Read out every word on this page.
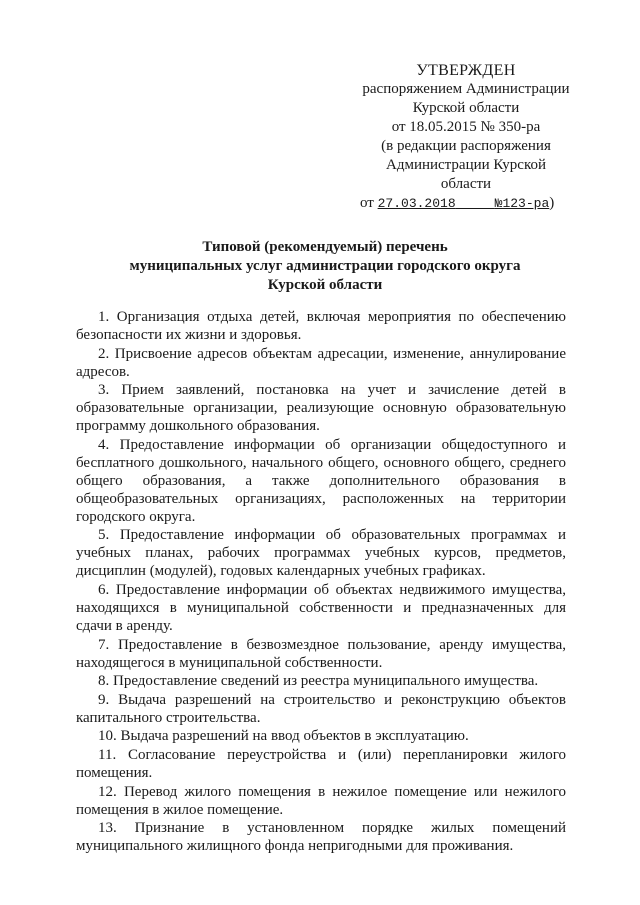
УТВЕРЖДЕН
распоряжением Администрации
Курской области
от 18.05.2015 № 350-ра
(в редакции распоряжения
Администрации Курской
области
от 27.03.2018	№123-ра)
Типовой (рекомендуемый) перечень
муниципальных услуг администрации городского округа
Курской области
1. Организация отдыха детей, включая мероприятия по обеспечению безопасности их жизни и здоровья.
2. Присвоение адресов объектам адресации, изменение, аннулирование адресов.
3. Прием заявлений, постановка на учет и зачисление детей в образовательные организации, реализующие основную образовательную программу дошкольного образования.
4. Предоставление информации об организации общедоступного и бесплатного дошкольного, начального общего, основного общего, среднего общего образования, а также дополнительного образования в общеобразовательных организациях, расположенных на территории городского округа.
5. Предоставление информации об образовательных программах и учебных планах, рабочих программах учебных курсов, предметов, дисциплин (модулей), годовых календарных учебных графиках.
6. Предоставление информации об объектах недвижимого имущества, находящихся в муниципальной собственности и предназначенных для сдачи в аренду.
7. Предоставление в безвозмездное пользование, аренду имущества, находящегося в муниципальной собственности.
8. Предоставление сведений из реестра муниципального имущества.
9. Выдача разрешений на строительство и реконструкцию объектов капитального строительства.
10. Выдача разрешений на ввод объектов в эксплуатацию.
11. Согласование переустройства и (или) перепланировки жилого помещения.
12. Перевод жилого помещения в нежилое помещение или нежилого помещения в жилое помещение.
13. Признание в установленном порядке жилых помещений муниципального жилищного фонда непригодными для проживания.
